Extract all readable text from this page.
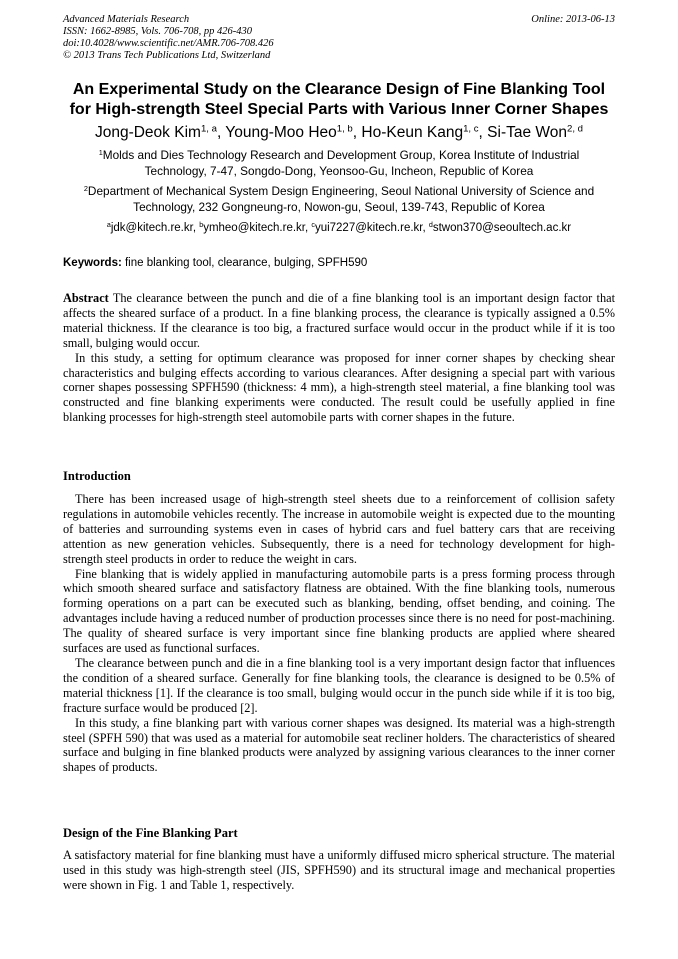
Advanced Materials Research
ISSN: 1662-8985, Vols. 706-708, pp 426-430
doi:10.4028/www.scientific.net/AMR.706-708.426
© 2013 Trans Tech Publications Ltd, Switzerland
Online: 2013-06-13
An Experimental Study on the Clearance Design of Fine Blanking Tool
for High-strength Steel Special Parts with Various Inner Corner Shapes
Jong-Deok Kim$^{1, a}$, Young-Moo Heo$^{1, b}$, Ho-Keun Kang$^{1, c}$, Si-Tae Won$^{2, d}$
$^1$Molds and Dies Technology Research and Development Group, Korea Institute of Industrial
Technology, 7-47, Songdo-Dong, Yeonsoo-Gu, Incheon, Republic of Korea
$^2$Department of Mechanical System Design Engineering, Seoul National University of Science and
Technology, 232 Gongneung-ro, Nowon-gu, Seoul, 139-743, Republic of Korea
$^a$jdk@kitech.re.kr, $^b$ymheo@kitech.re.kr, $^c$yui7227@kitech.re.kr, $^d$stwon370@seoultech.ac.kr
Keywords: fine blanking tool, clearance, bulging, SPFH590

Abstract The clearance between the punch and die of a fine blanking tool is an important design factor that affects the sheared surface of a product. In a fine blanking process, the clearance is typically assigned a 0.5% material thickness. If the clearance is too big, a fractured surface would occur in the product while if it is too small, bulging would occur.

In this study, a setting for optimum clearance was proposed for inner corner shapes by checking shear characteristics and bulging effects according to various clearances. After designing a special part with various corner shapes possessing SPFH590 (thickness: 4 mm), a high-strength steel material, a fine blanking tool was constructed and fine blanking experiments were conducted. The result could be usefully applied in fine blanking processes for high-strength steel automobile parts with corner shapes in the future.

Introduction

There has been increased usage of high-strength steel sheets due to a reinforcement of collision safety regulations in automobile vehicles recently. The increase in automobile weight is expected due to the mounting of batteries and surrounding systems even in cases of hybrid cars and fuel battery cars that are receiving attention as new generation vehicles. Subsequently, there is a need for technology development for high-strength steel products in order to reduce the weight in cars.

Fine blanking that is widely applied in manufacturing automobile parts is a press forming process through which smooth sheared surface and satisfactory flatness are obtained. With the fine blanking tools, numerous forming operations on a part can be executed such as blanking, bending, offset bending, and coining. The advantages include having a reduced number of production processes since there is no need for post-machining. The quality of sheared surface is very important since fine blanking products are applied where sheared surfaces are used as functional surfaces.

The clearance between punch and die in a fine blanking tool is a very important design factor that influences the condition of a sheared surface. Generally for fine blanking tools, the clearance is designed to be 0.5% of material thickness [1]. If the clearance is too small, bulging would occur in the punch side while if it is too big, fracture surface would be produced [2].

In this study, a fine blanking part with various corner shapes was designed. Its material was a high-strength steel (SPFH 590) that was used as a material for automobile seat recliner holders. The characteristics of sheared surface and bulging in fine blanked products were analyzed by assigning various clearances to the inner corner shapes of products.

Design of the Fine Blanking Part

A satisfactory material for fine blanking must have a uniformly diffused micro spherical structure. The material used in this study was high-strength steel (JIS, SPFH590) and its structural image and mechanical properties were shown in Fig. 1 and Table 1, respectively.
